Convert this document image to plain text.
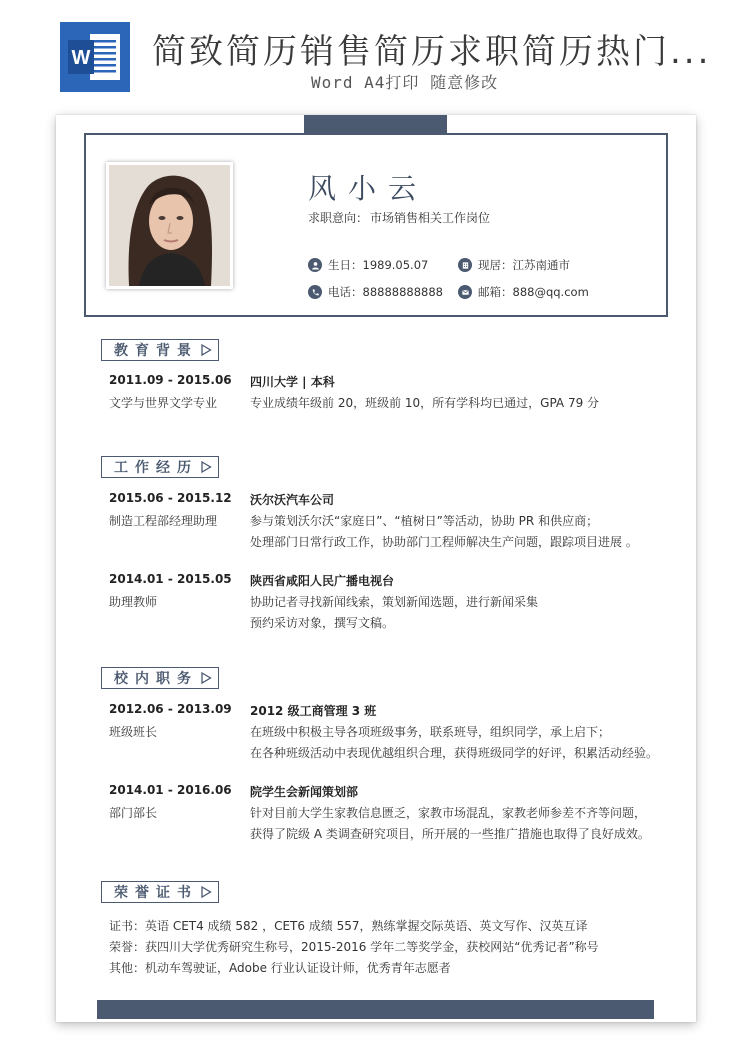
W 简致简历销售简历求职简历热门...
Word A4打印 随意修改
风小云
求职意向： 市场销售相关工作岗位
生日：1989.05.07	现居：江苏南通市
电话：88888888888	邮箱：888@qq.com
教育背景
2011.09 - 2015.06
文学与世界文学专业
四川大学 | 本科
专业成绩年级前 20，班级前 10，所有学科均已通过，GPA 79 分
工作经历
2015.06 - 2015.12
制造工程部经理助理
沃尔沃汽车公司
参与策划沃尔沃“家庭日”、“植树日”等活动，协助 PR 和供应商；
处理部门日常行政工作，协助部门工程师解决生产问题，跟踪项目进展 。
2014.01 - 2015.05
助理教师
陕西省咸阳人民广播电视台
协助记者寻找新闻线索，策划新闻选题，进行新闻采集
预约采访对象，撰写文稿。
校内职务
2012.06 - 2013.09
班级班长
2012 级工商管理 3 班
在班级中积极主导各项班级事务，联系班导，组织同学，承上启下；
在各种班级活动中表现优越组织合理，获得班级同学的好评，积累活动经验。
2014.01 - 2016.06
部门部长
院学生会新闻策划部
针对目前大学生家教信息匮乏，家教市场混乱，家教老师参差不齐等问题，
获得了院级 A 类调查研究项目，所开展的一些推广措施也取得了良好成效。
荣誉证书
证书：英语 CET4 成绩 582 ，CET6 成绩 557，熟练掌握交际英语、英文写作、汉英互译
荣誉：获四川大学优秀研究生称号，2015-2016 学年二等奖学金，获校网站“优秀记者”称号
其他：机动车驾驶证，Adobe 行业认证设计师，优秀青年志愿者
